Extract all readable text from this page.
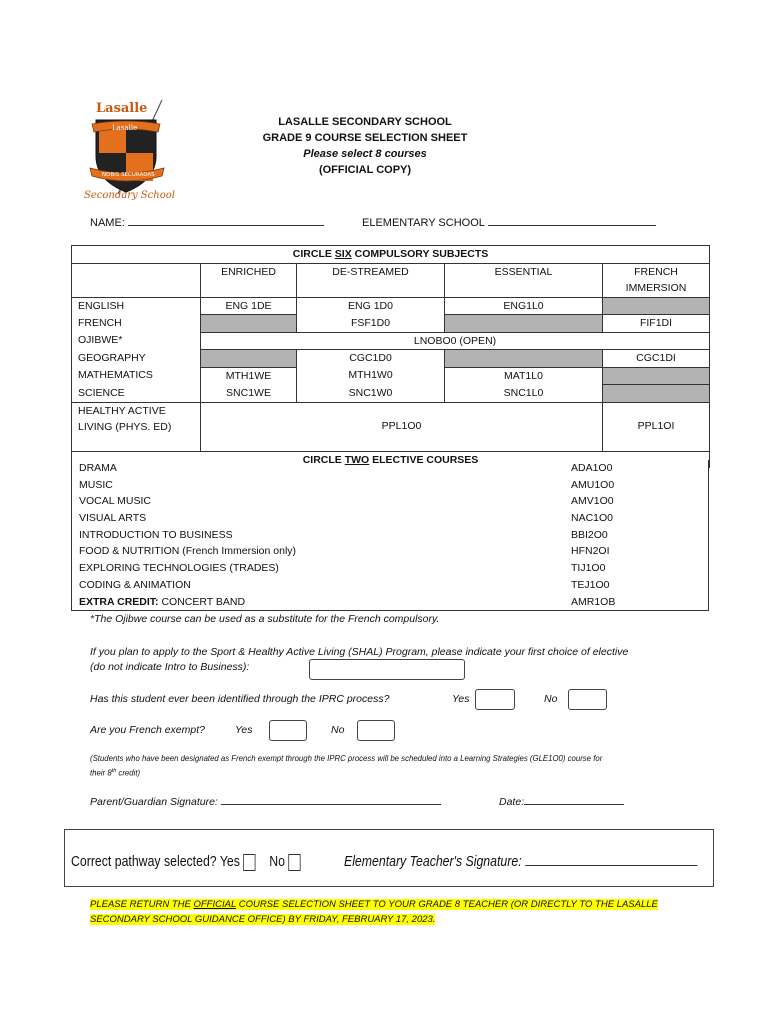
Lasalle
Lasalle
NOBIS SECURADAS
Secondary School
LASALLE SECONDARY SCHOOL
GRADE 9 COURSE SELECTION SHEET
Please select 8 courses
(OFFICIAL COPY)
NAME:	ELEMENTARY SCHOOL
CIRCLE SIX COMPULSORY SUBJECTS				
	ENRICHED	DE-STREAMED	ESSENTIAL	FRENCH
IMMERSION

ENGLISH	ENG 1DE	ENG 1D0	ENG1L0	
FRENCH		FSF1D0		FIF1DI
OJIBWE*	LNOBO0 (OPEN)			
GEOGRAPHY		CGC1D0		CGC1DI
MATHEMATICS	MTH1WE	MTH1W0	MAT1L0	
SCIENCE	SNC1WE	SNC1W0	SNC1L0	

HEALTHY ACTIVE
LIVING (PHYS. ED)	PPL1O0			PPL1OI
CIRCLE TWO ELECTIVE COURSES				
DRAMA	ADA1O0
MUSIC	AMU1O0
VOCAL MUSIC	AMV1O0
VISUAL ARTS	NAC1O0
INTRODUCTION TO BUSINESS	BBI2O0
FOOD & NUTRITION (French Immersion only)	HFN2OI
EXPLORING TECHNOLOGIES (TRADES)	TIJ1O0
CODING & ANIMATION	TEJ1O0
EXTRA CREDIT: CONCERT BAND	AMR1OB
*The Ojibwe course can be used as a substitute for the French compulsory.
If you plan to apply to the Sport & Healthy Active Living (SHAL) Program, please indicate your first choice of elective
(do not indicate Intro to Business):
Has this student ever been identified through the IPRC process?	Yes	No
Are you French exempt?	Yes	No
(Students who have been designated as French exempt through the IPRC process will be scheduled into a Learning Strategies (GLE1O0) course for
their 8th credit)
Parent/Guardian Signature:	Date:
Correct pathway selected? Yes No	Elementary Teacher's Signature:
PLEASE RETURN THE OFFICIAL COURSE SELECTION SHEET TO YOUR GRADE 8 TEACHER (OR DIRECTLY TO THE LASALLE
SECONDARY SCHOOL GUIDANCE OFFICE) BY FRIDAY, FEBRUARY 17, 2023.
